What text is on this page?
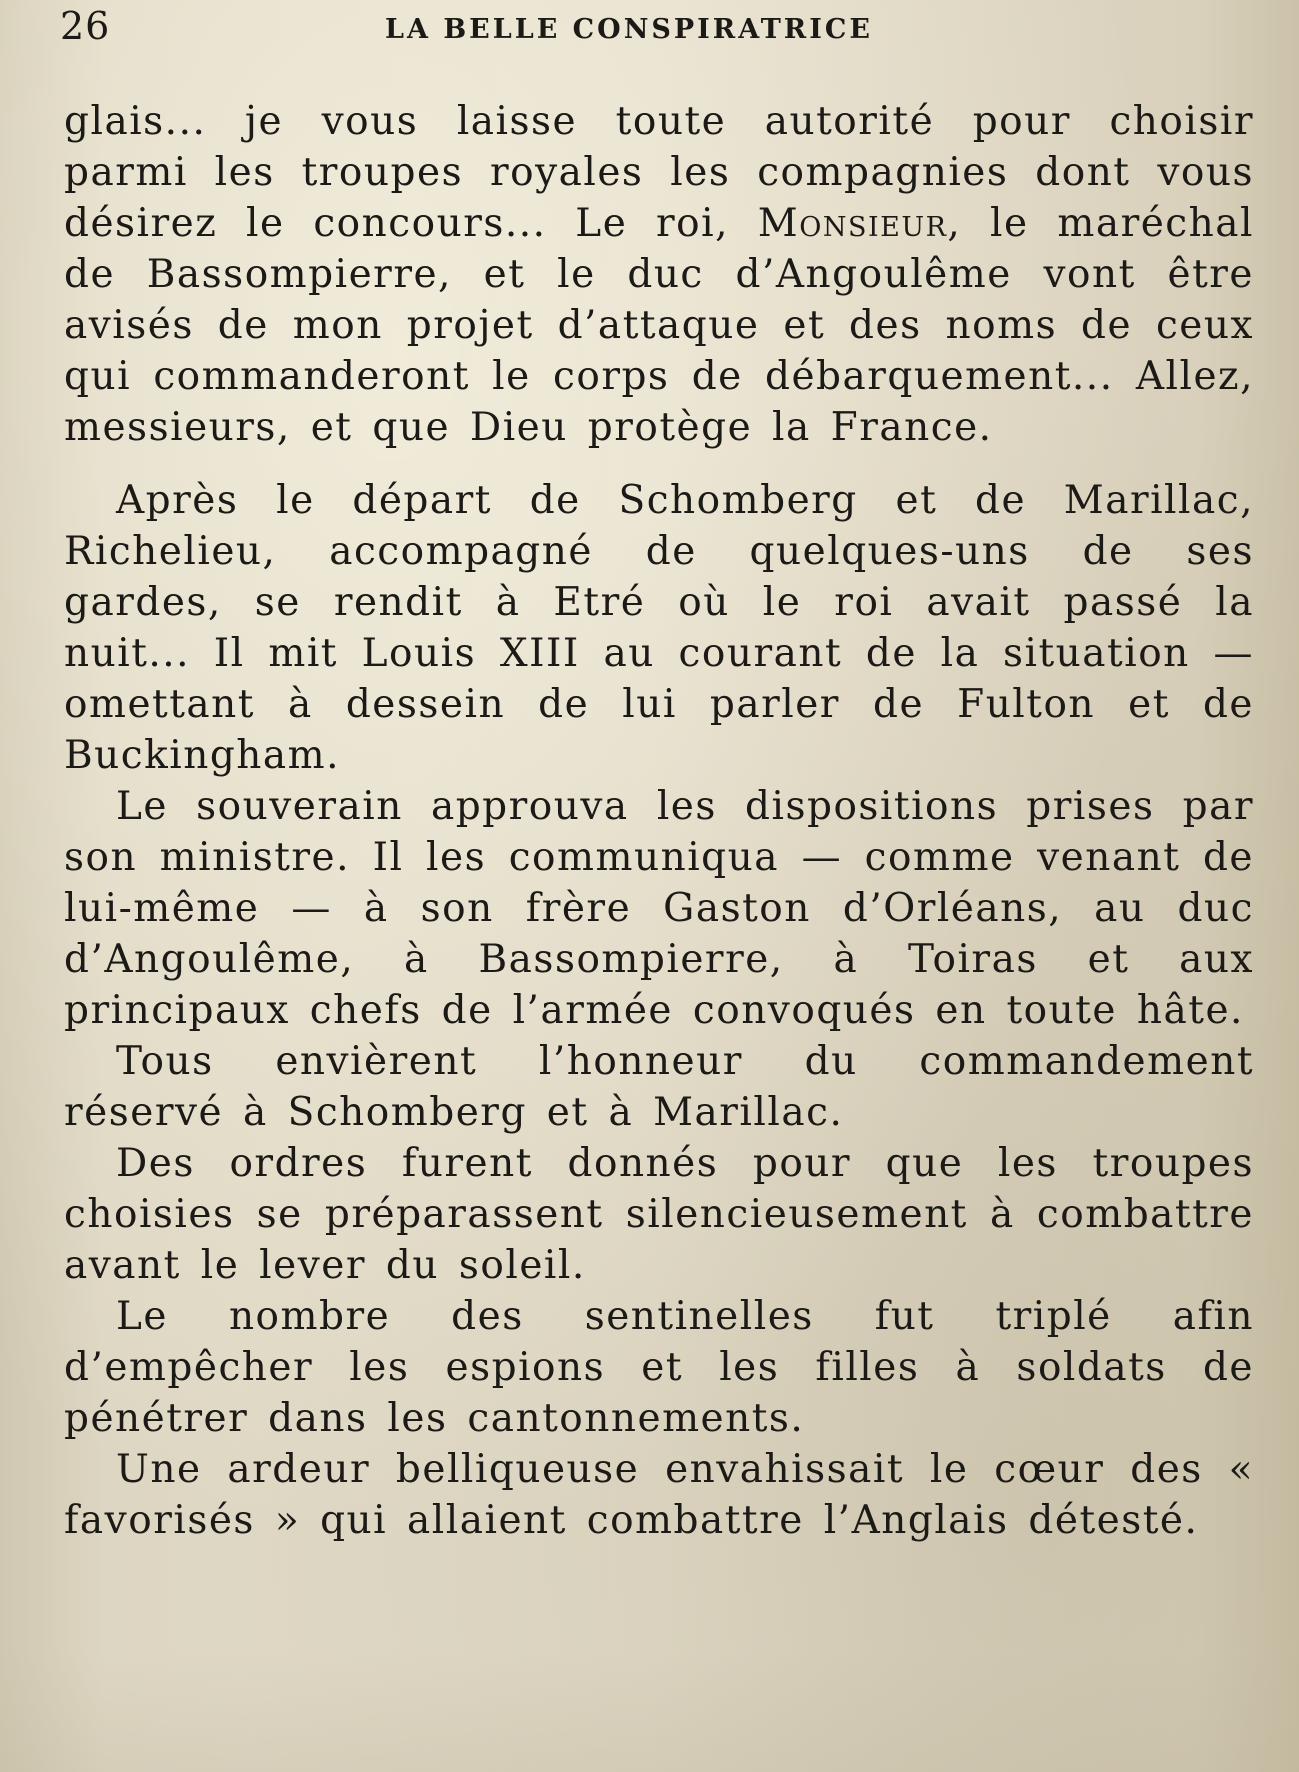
26	LA BELLE CONSPIRATRICE

glais... je vous laisse toute autorité pour choisir parmi les troupes royales les compagnies dont vous désirez le concours... Le roi, Monsieur, le maréchal de Bassompierre, et le duc d’Angoulême vont être avisés de mon projet d’attaque et des noms de ceux qui commanderont le corps de débarquement... Allez, messieurs, et que Dieu protège la France.

Après le départ de Schomberg et de Marillac, Richelieu, accompagné de quelques-uns de ses gardes, se rendit à Etré où le roi avait passé la nuit... Il mit Louis XIII au courant de la situation — omettant à dessein de lui parler de Fulton et de Buckingham.

Le souverain approuva les dispositions prises par son ministre. Il les communiqua — comme venant de lui-même — à son frère Gaston d’Orléans, au duc d’Angoulême, à Bassompierre, à Toiras et aux principaux chefs de l’armée convoqués en toute hâte.

Tous envièrent l’honneur du commandement réservé à Schomberg et à Marillac.

Des ordres furent donnés pour que les troupes choisies se préparassent silencieusement à combattre avant le lever du soleil.

Le nombre des sentinelles fut triplé afin d’empêcher les espions et les filles à soldats de pénétrer dans les cantonnements.

Une ardeur belliqueuse envahissait le cœur des « favorisés » qui allaient combattre l’Anglais détesté.
